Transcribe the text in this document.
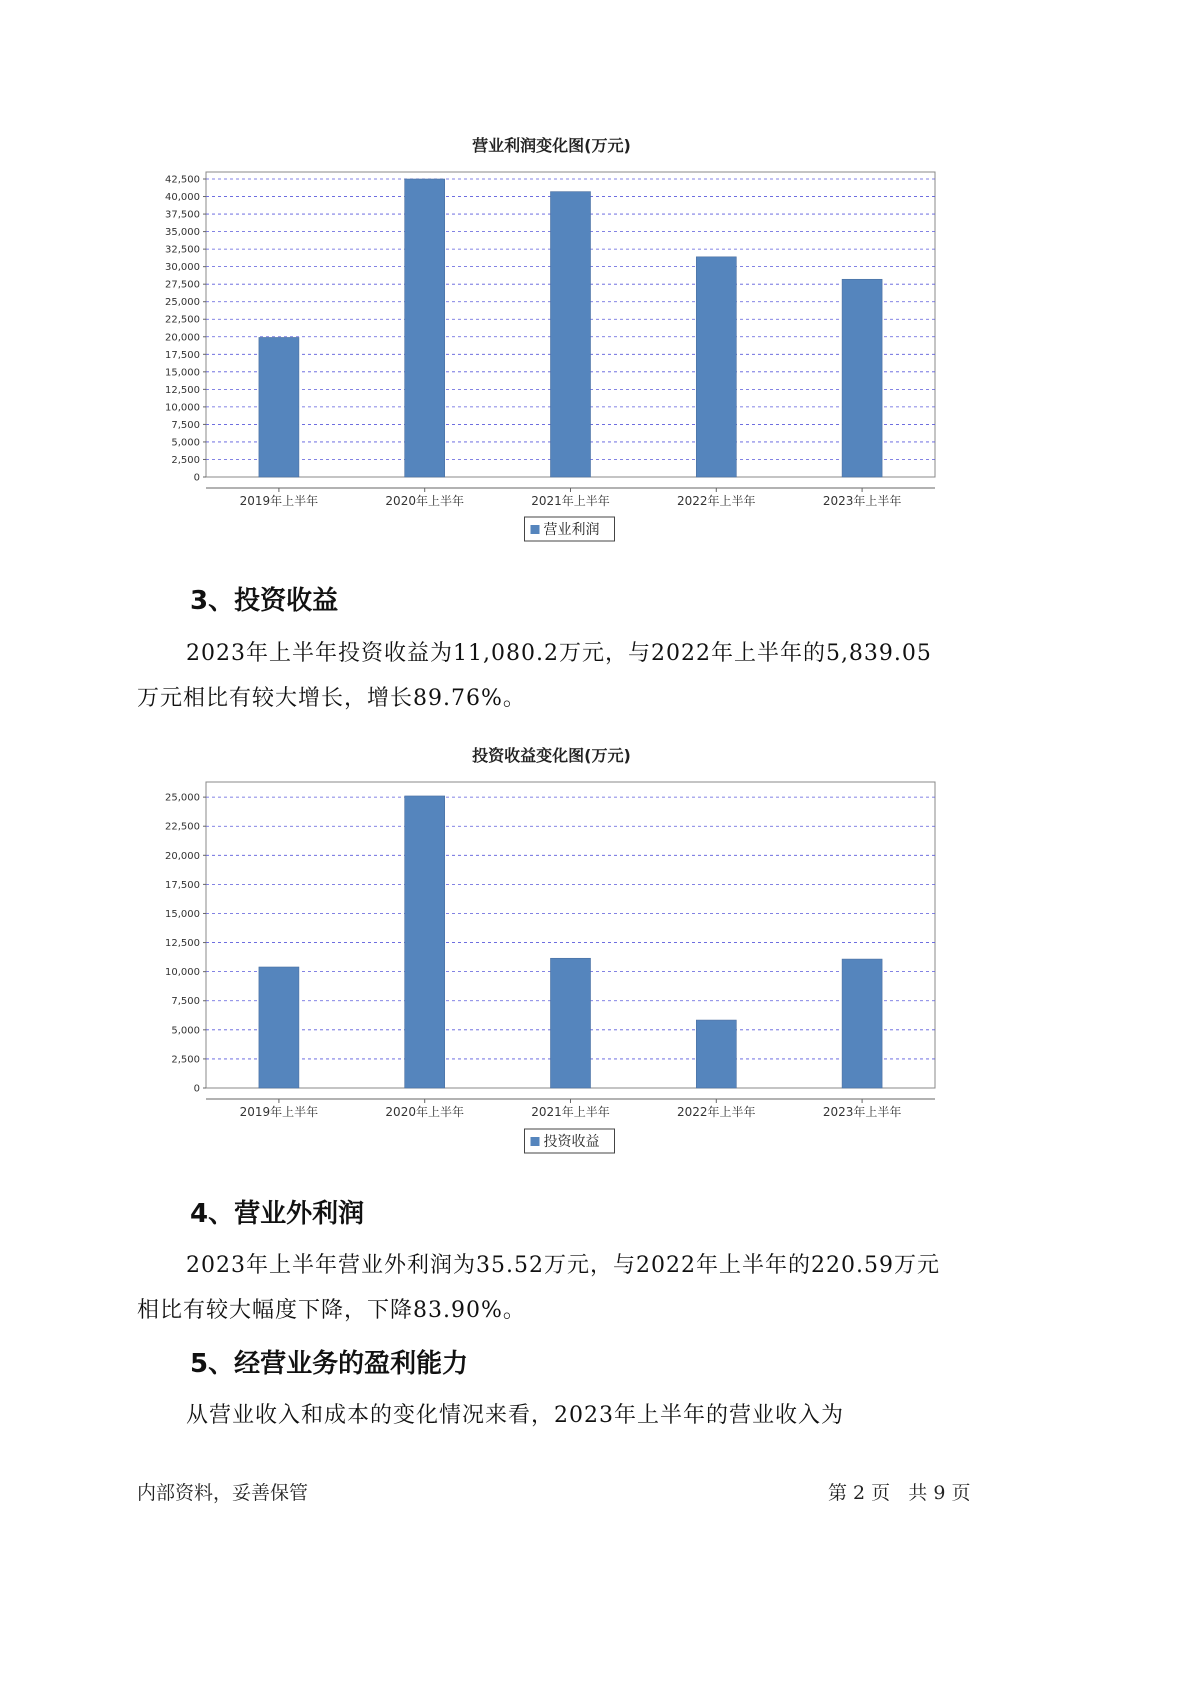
营业利润变化图(万元)
0
2,500
5,000
7,500
10,000
12,500
15,000
17,500
20,000
22,500
25,000
27,500
30,000
32,500
35,000
37,500
40,000
42,500
2019年上半年	2020年上半年	2021年上半年	2022年上半年	2023年上半年
营业利润
3、投资收益
2023年上半年投资收益为11,080.2万元，与2022年上半年的5,839.05
万元相比有较大增长，增长89.76%。
投资收益变化图(万元)
0
2,500
5,000
7,500
10,000
12,500
15,000
17,500
20,000
22,500
25,000
2019年上半年	2020年上半年	2021年上半年	2022年上半年	2023年上半年
投资收益
4、营业外利润
2023年上半年营业外利润为35.52万元，与2022年上半年的220.59万元
相比有较大幅度下降，下降83.90%。
5、经营业务的盈利能力
从营业收入和成本的变化情况来看，2023年上半年的营业收入为
内部资料，妥善保管	第 2 页   共 9 页
